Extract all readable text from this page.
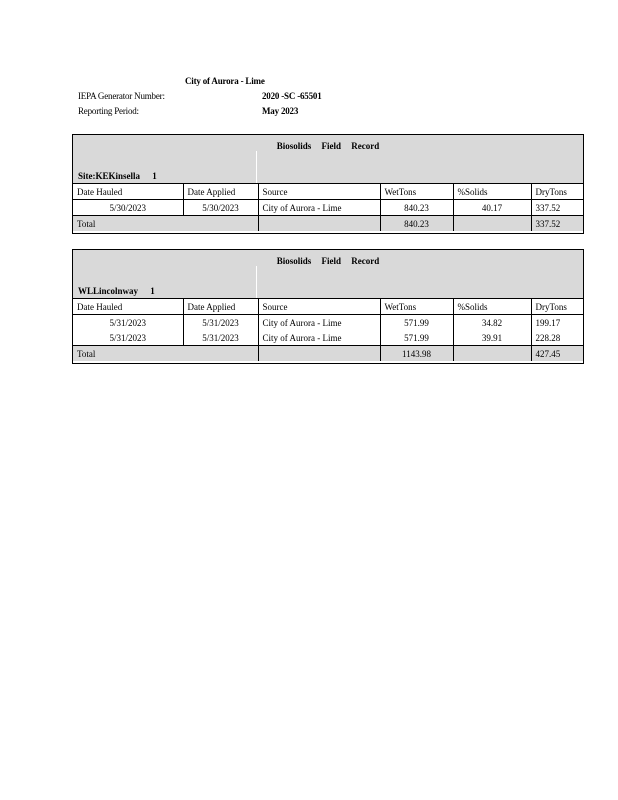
City of Aurora - Lime
IEPA Generator Number:	2020 -SC -65501
Reporting Period:	May 2023
Biosolids Field Record
Site:KEKinsella 1
Date Hauled	Date Applied	Source	WetTons	%Solids	DryTons
5/30/2023	5/30/2023	City of Aurora - Lime	840.23	40.17	337.52
Total			840.23		337.52
Biosolids Field Record
WLLincolnway 1
Date Hauled	Date Applied	Source	WetTons	%Solids	DryTons
5/31/2023	5/31/2023	City of Aurora - Lime	571.99	34.82	199.17
5/31/2023	5/31/2023	City of Aurora - Lime	571.99	39.91	228.28
Total			1143.98		427.45
